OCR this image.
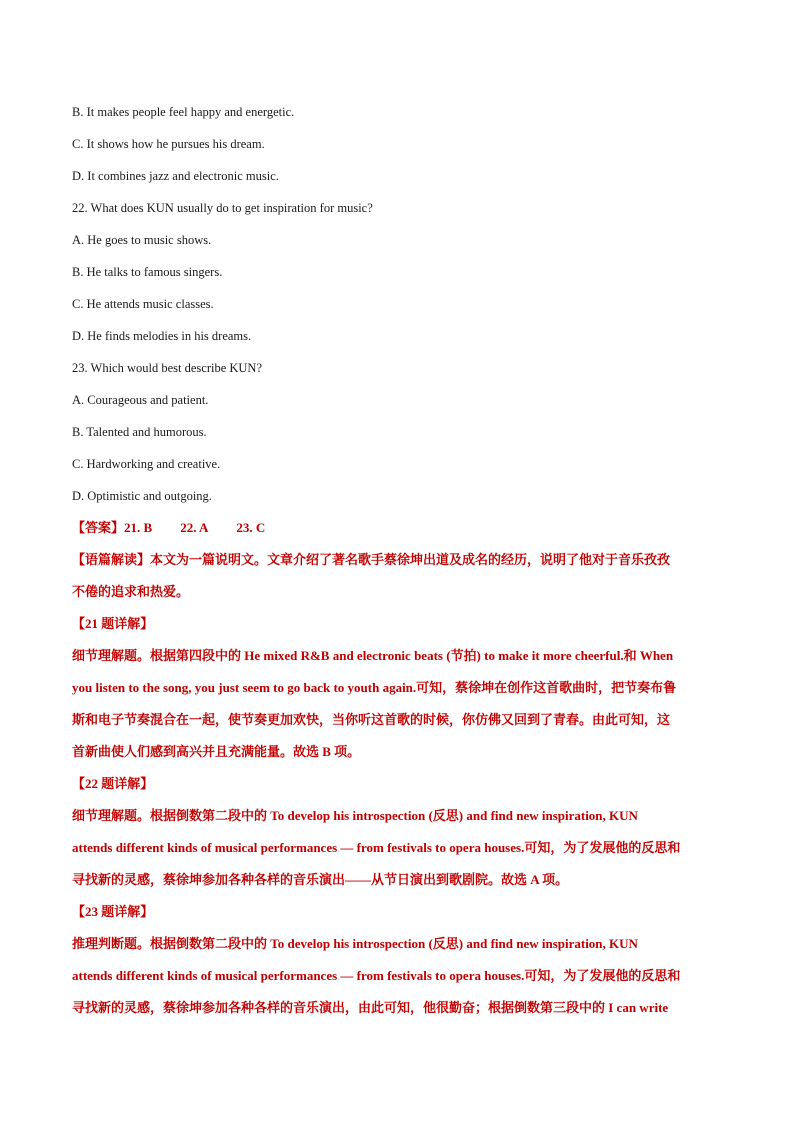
B. It makes people feel happy and energetic.
C. It shows how he pursues his dream.
D. It combines jazz and electronic music.
22. What does KUN usually do to get inspiration for music?
A. He goes to music shows.
B. He talks to famous singers.
C. He attends music classes.
D. He finds melodies in his dreams.
23. Which would best describe KUN?
A. Courageous and patient.
B. Talented and humorous.
C. Hardworking and creative.
D. Optimistic and outgoing.
【答案】21. B 22. A 23. C
【语篇解读】本文为一篇说明文。文章介绍了著名歌手蔡徐坤出道及成名的经历，说明了他对于音乐孜孜
不倦的追求和热爱。
【21 题详解】
细节理解题。根据第四段中的 He mixed R&B and electronic beats (节拍) to make it more cheerful.和 When
you listen to the song, you just seem to go back to youth again.可知，蔡徐坤在创作这首歌曲时，把节奏布鲁
斯和电子节奏混合在一起，使节奏更加欢快，当你听这首歌的时候，你仿佛又回到了青春。由此可知，这
首新曲使人们感到高兴并且充满能量。故选 B 项。
【22 题详解】
细节理解题。根据倒数第二段中的 To develop his introspection (反思) and find new inspiration, KUN
attends different kinds of musical performances — from festivals to opera houses.可知，为了发展他的反思和
寻找新的灵感，蔡徐坤参加各种各样的音乐演出——从节日演出到歌剧院。故选 A 项。
【23 题详解】
推理判断题。根据倒数第二段中的 To develop his introspection (反思) and find new inspiration, KUN
attends different kinds of musical performances — from festivals to opera houses.可知，为了发展他的反思和
寻找新的灵感，蔡徐坤参加各种各样的音乐演出，由此可知，他很勤奋；根据倒数第三段中的 I can write
